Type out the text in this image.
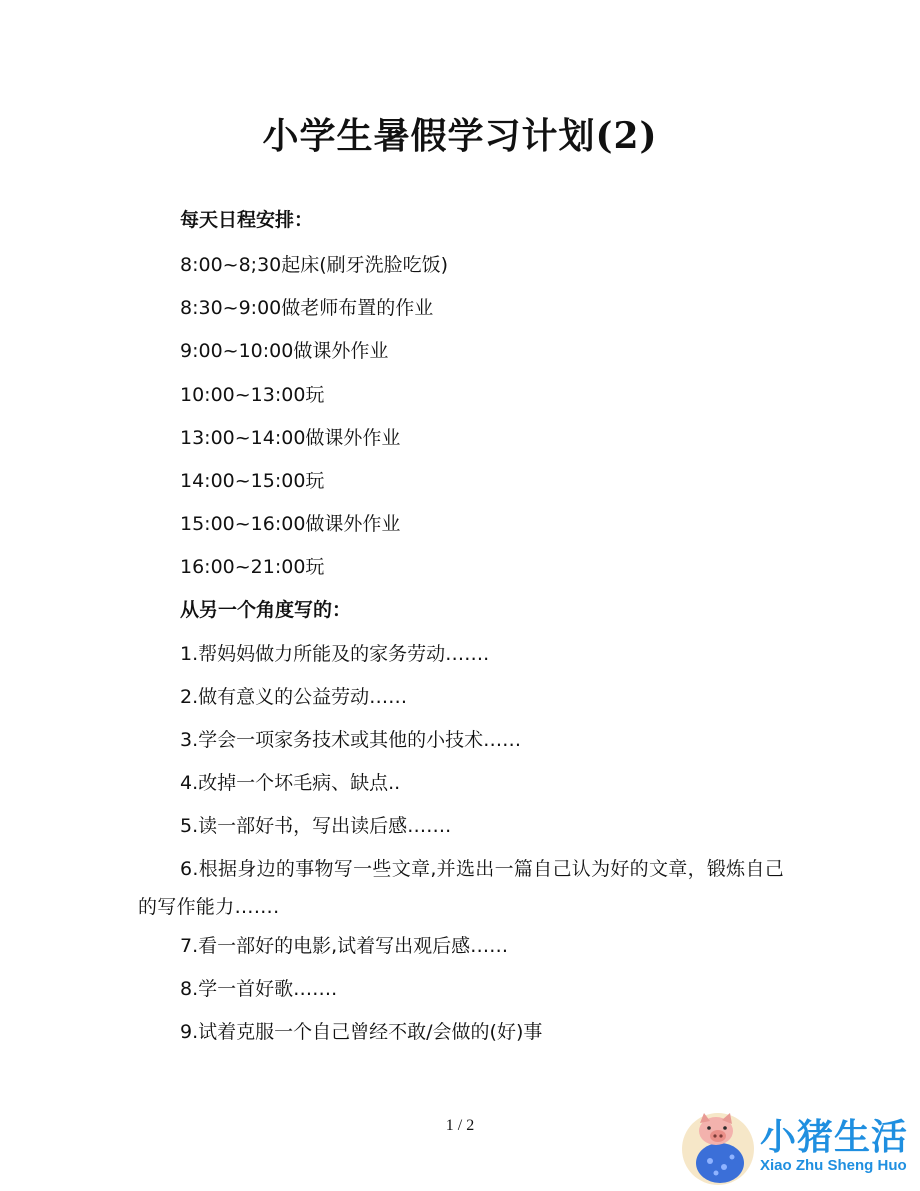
小学生暑假学习计划(2)
每天日程安排：
8:00~8;30起床(刷牙洗脸吃饭)
8:30~9:00做老师布置的作业
9:00~10:00做课外作业
10:00~13:00玩
13:00~14:00做课外作业
14:00~15:00玩
15:00~16:00做课外作业
16:00~21:00玩
从另一个角度写的：
1.帮妈妈做力所能及的家务劳动…….
2.做有意义的公益劳动……
3.学会一项家务技术或其他的小技术……
4.改掉一个坏毛病、缺点..
5.读一部好书，写出读后感…….
6.根据身边的事物写一些文章,并选出一篇自己认为好的文章，锻炼自己的写作能力…….
7.看一部好的电影,试着写出观后感……
8.学一首好歌…….
9.试着克服一个自己曾经不敢/会做的(好)事
1 / 2	小猪生活
Xiao Zhu Sheng Huo
